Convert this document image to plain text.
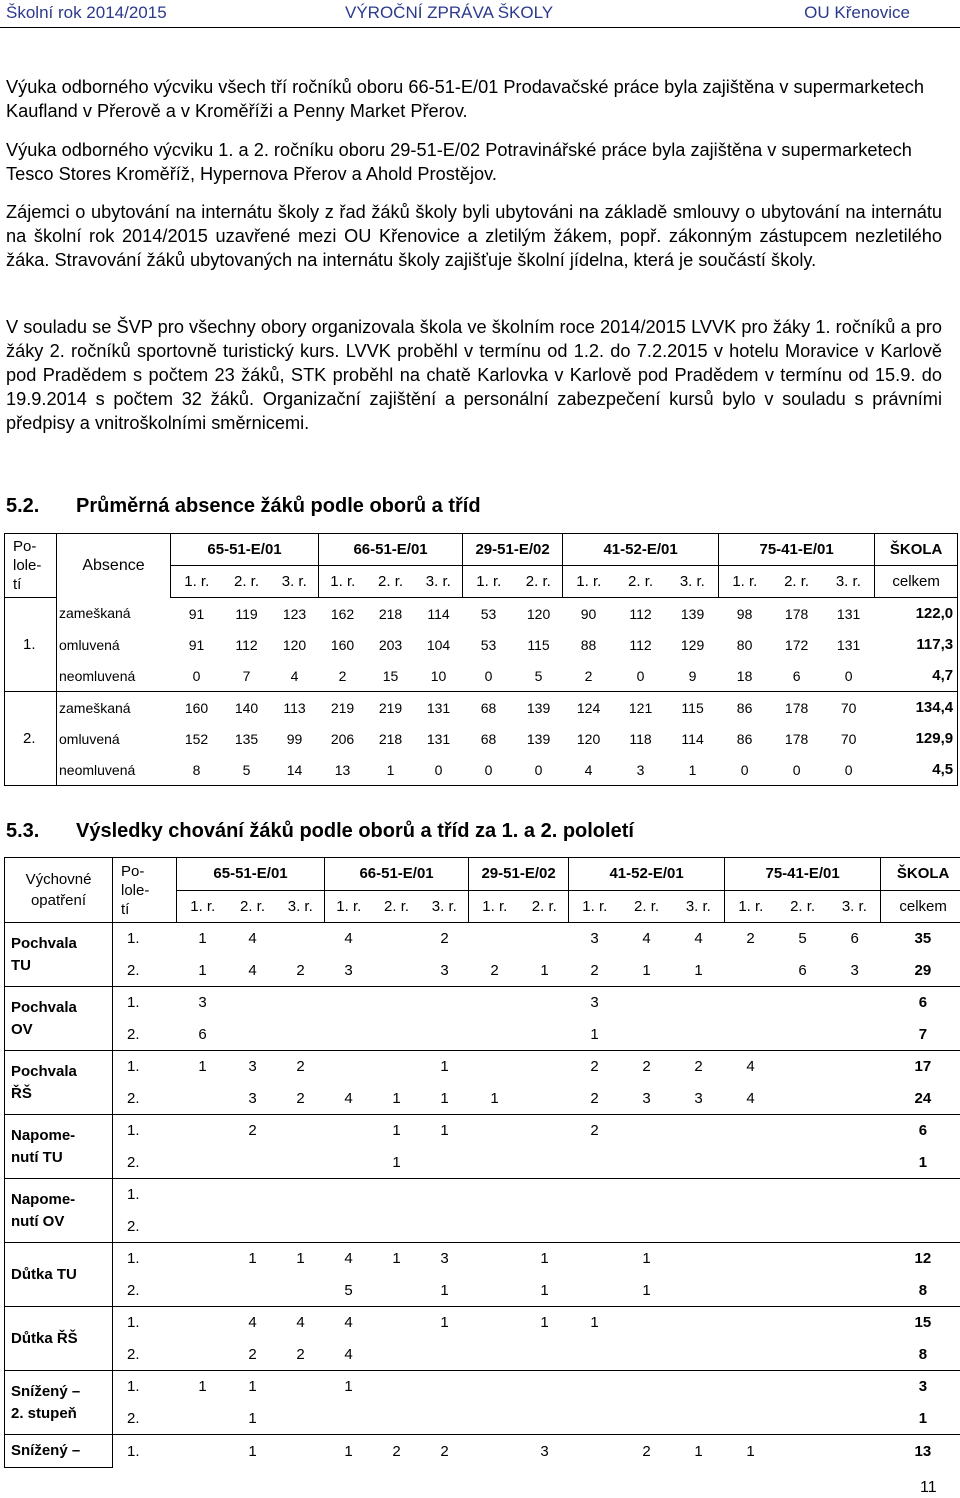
Školní rok 2014/2015	VÝROČNÍ ZPRÁVA ŠKOLY	OU Křenovice

Výuka odborného výcviku všech tří ročníků oboru 66-51-E/01 Prodavačské práce byla zajištěna v supermarketech Kaufland v Přerově a v Kroměříži a Penny Market Přerov.

Výuka odborného výcviku 1. a 2. ročníku oboru 29-51-E/02 Potravinářské práce byla zajištěna v supermarketech Tesco Stores Kroměříž, Hypernova Přerov a Ahold Prostějov.

Zájemci o ubytování na internátu školy z řad žáků školy byli ubytováni na základě smlouvy o ubytování na internátu na školní rok 2014/2015 uzavřené mezi OU Křenovice a zletilým žákem, popř. zákonným zástupcem nezletilého žáka. Stravování žáků ubytovaných na internátu školy zajišťuje školní jídelna, která je součástí školy.

V souladu se ŠVP pro všechny obory organizovala škola ve školním roce 2014/2015 LVVK pro žáky 1. ročníků a pro žáky 2. ročníků sportovně turistický kurs. LVVK proběhl v termínu od 1.2. do 7.2.2015 v hotelu Moravice v Karlově pod Pradědem s počtem 23 žáků, STK proběhl na chatě Karlovka v Karlově pod Pradědem v termínu od 15.9. do 19.9.2014 s počtem 32 žáků. Organizační zajištění a personální zabezpečení kursů bylo v souladu s právními předpisy a vnitroškolními směrnicemi.

5.2. Průměrná absence žáků podle oborů a tříd
Po-
lole-
tí	Absence	65-51-E/01			66-51-E/01			29-51-E/02		41-52-E/01			75-41-E/01			ŠKOLA
		1. r.	2. r.	3. r.	1. r.	2. r.	3. r.	1. r.	2. r.	1. r.	2. r.	3. r.	1. r.	2. r.	3. r.	celkem
1.	zameškaná	91	119	123	162	218	114	53	120	90	112	139	98	178	131	122,0
	omluvená	91	112	120	160	203	104	53	115	88	112	129	80	172	131	117,3
	neomluvená	0	7	4	2	15	10	0	5	2	0	9	18	6	0	4,7
2.	zameškaná	160	140	113	219	219	131	68	139	124	121	115	86	178	70	134,4
	omluvená	152	135	99	206	218	131	68	139	120	118	114	86	178	70	129,9
	neomluvená	8	5	14	13	1	0	0	0	4	3	1	0	0	0	4,5
5.3. Výsledky chování žáků podle oborů a tříd za 1. a 2. pololetí
Výchovné
opatření	Po-
lole-
tí	65-51-E/01			66-51-E/01			29-51-E/02		41-52-E/01			75-41-E/01			ŠKOLA
		1. r.	2. r.	3. r.	1. r.	2. r.	3. r.	1. r.	2. r.	1. r.	2. r.	3. r.	1. r.	2. r.	3. r.	celkem
Pochvala
TU	1.	1	4		4		2			3	4	4	2	5	6	35
	2.	1	4	2	3		3	2	1	2	1	1		6	3	29
Pochvala
OV	1.	3								3						6
	2.	6								1						7
Pochvala
ŘŠ	1.	1	3	2			1			2	2	2	4			17
	2.		3	2	4	1	1	1		2	3	3	4			24
Napome-
nutí TU	1.		2			1	1			2						6
	2.					1										1
Napome-
nutí OV	1.															
	2.															
Důtka TU	1.		1	1	4	1	3		1		1					12
	2.				5		1		1		1					8
Důtka ŘŠ	1.		4	4	4		1		1	1						15
	2.		2	2	4											8
Snížený –
2. stupeň	1.	1	1		1											3
	2.		1													1
Snížený –	1.		1		1	2	2		3		2	1	1			13
11
